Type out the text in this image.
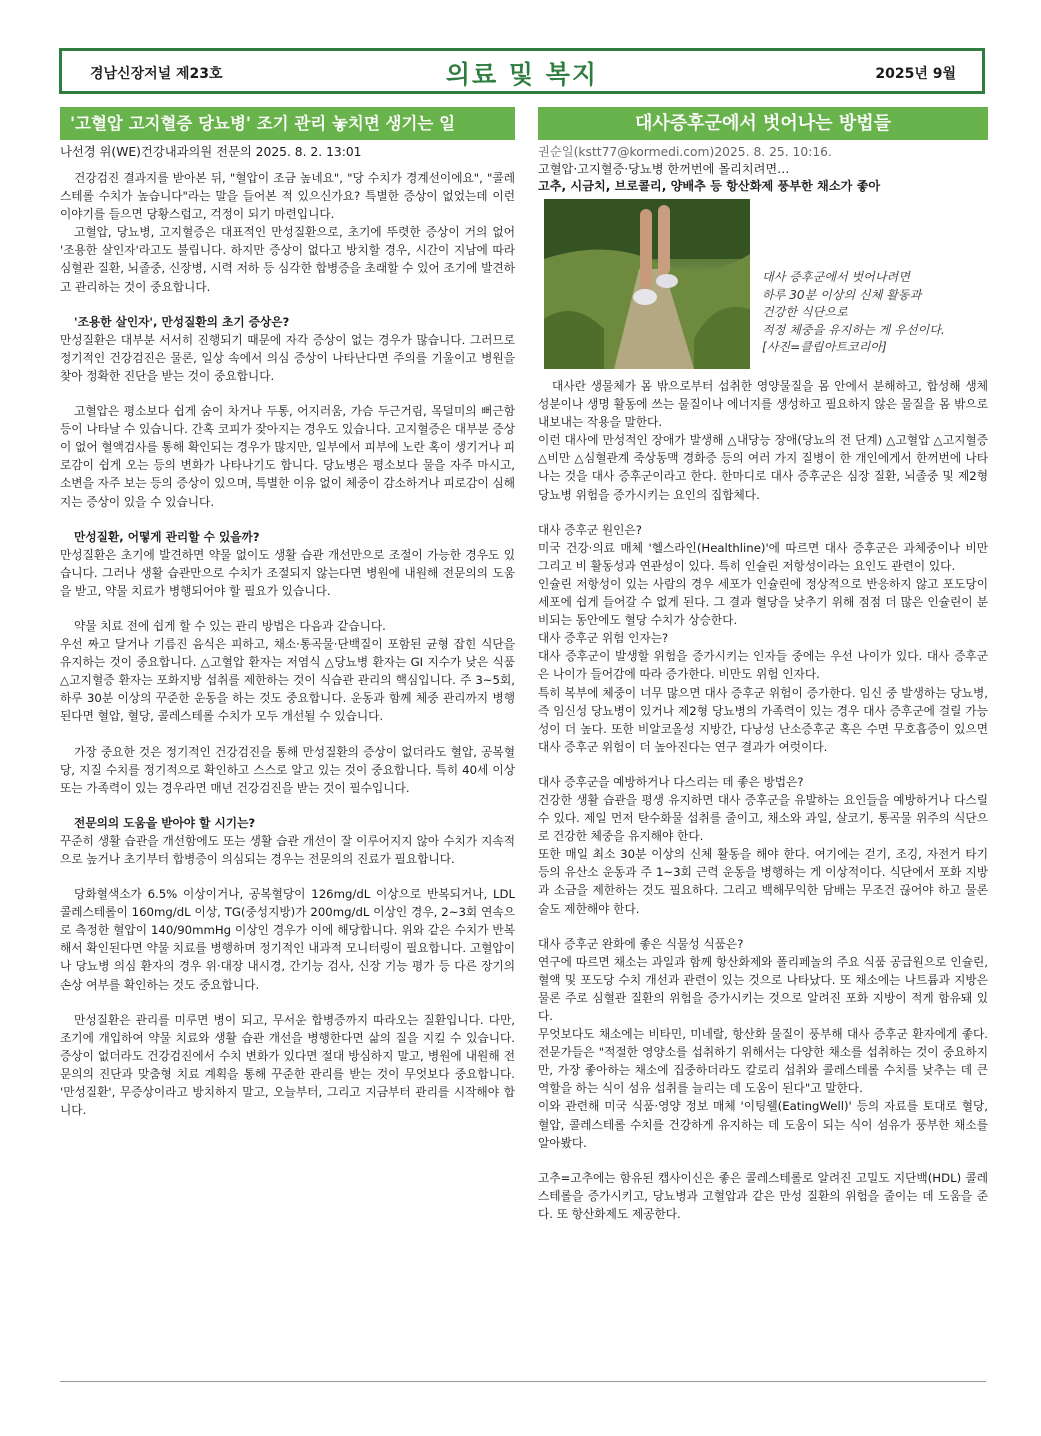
경남신장저널 제23호	의료 및 복지	2025년 9월
'고혈압 고지혈증 당뇨병' 조기 관리 놓치면 생기는 일
나선경 위(WE)건강내과의원 전문의 2025. 8. 2. 13:01

건강검진 결과지를 받아본 뒤, "혈압이 조금 높네요", "당 수치가 경계선이에요", "콜레스테롤 수치가 높습니다"라는 말을 들어본 적 있으신가요? 특별한 증상이 없었는데 이런 이야기를 들으면 당황스럽고, 걱정이 되기 마련입니다.

고혈압, 당뇨병, 고지혈증은 대표적인 만성질환으로, 초기에 뚜렷한 증상이 거의 없어 '조용한 살인자'라고도 불립니다. 하지만 증상이 없다고 방치할 경우, 시간이 지남에 따라 심혈관 질환, 뇌졸중, 신장병, 시력 저하 등 심각한 합병증을 초래할 수 있어 조기에 발견하고 관리하는 것이 중요합니다.

'조용한 살인자', 만성질환의 초기 증상은?

만성질환은 대부분 서서히 진행되기 때문에 자각 증상이 없는 경우가 많습니다. 그러므로 정기적인 건강검진은 물론, 일상 속에서 의심 증상이 나타난다면 주의를 기울이고 병원을 찾아 정확한 진단을 받는 것이 중요합니다.

고혈압은 평소보다 쉽게 숨이 차거나 두통, 어지러움, 가슴 두근거림, 목덜미의 뻐근함 등이 나타날 수 있습니다. 간혹 코피가 잦아지는 경우도 있습니다. 고지혈증은 대부분 증상이 없어 혈액검사를 통해 확인되는 경우가 많지만, 일부에서 피부에 노란 혹이 생기거나 피로감이 쉽게 오는 등의 변화가 나타나기도 합니다. 당뇨병은 평소보다 물을 자주 마시고, 소변을 자주 보는 등의 증상이 있으며, 특별한 이유 없이 체중이 감소하거나 피로감이 심해지는 증상이 있을 수 있습니다.

만성질환, 어떻게 관리할 수 있을까?

만성질환은 초기에 발견하면 약물 없이도 생활 습관 개선만으로 조절이 가능한 경우도 있습니다. 그러나 생활 습관만으로 수치가 조절되지 않는다면 병원에 내원해 전문의의 도움을 받고, 약물 치료가 병행되어야 할 필요가 있습니다.

약물 치료 전에 쉽게 할 수 있는 관리 방법은 다음과 같습니다.

우선 짜고 달거나 기름진 음식은 피하고, 채소·통곡물·단백질이 포함된 균형 잡힌 식단을 유지하는 것이 중요합니다. △고혈압 환자는 저염식 △당뇨병 환자는 GI 지수가 낮은 식품 △고지혈증 환자는 포화지방 섭취를 제한하는 것이 식습관 관리의 핵심입니다. 주 3~5회, 하루 30분 이상의 꾸준한 운동을 하는 것도 중요합니다. 운동과 함께 체중 관리까지 병행된다면 혈압, 혈당, 콜레스테롤 수치가 모두 개선될 수 있습니다.

가장 중요한 것은 정기적인 건강검진을 통해 만성질환의 증상이 없더라도 혈압, 공복혈당, 지질 수치를 정기적으로 확인하고 스스로 알고 있는 것이 중요합니다. 특히 40세 이상 또는 가족력이 있는 경우라면 매년 건강검진을 받는 것이 필수입니다.

전문의의 도움을 받아야 할 시기는?

꾸준히 생활 습관을 개선함에도 또는 생활 습관 개선이 잘 이루어지지 않아 수치가 지속적으로 높거나 초기부터 합병증이 의심되는 경우는 전문의의 진료가 필요합니다.

당화혈색소가 6.5% 이상이거나, 공복혈당이 126mg/dL 이상으로 반복되거나, LDL 콜레스테롤이 160mg/dL 이상, TG(중성지방)가 200mg/dL 이상인 경우, 2~3회 연속으로 측정한 혈압이 140/90mmHg 이상인 경우가 이에 해당합니다. 위와 같은 수치가 반복해서 확인된다면 약물 치료를 병행하며 정기적인 내과적 모니터링이 필요합니다. 고혈압이나 당뇨병 의심 환자의 경우 위·대장 내시경, 간기능 검사, 신장 기능 평가 등 다른 장기의 손상 여부를 확인하는 것도 중요합니다.

만성질환은 관리를 미루면 병이 되고, 무서운 합병증까지 따라오는 질환입니다. 다만, 조기에 개입하여 약물 치료와 생활 습관 개선을 병행한다면 삶의 질을 지킬 수 있습니다. 증상이 없더라도 건강검진에서 수치 변화가 있다면 절대 방심하지 말고, 병원에 내원해 전문의의 진단과 맞춤형 치료 계획을 통해 꾸준한 관리를 받는 것이 무엇보다 중요합니다. '만성질환', 무증상이라고 방치하지 말고, 오늘부터, 그리고 지금부터 관리를 시작해야 합니다.

대사증후군에서 벗어나는 방법들
권순일(kstt77@kormedi.com)2025. 8. 25. 10:16.
고혈압·고지혈증·당뇨병 한꺼번에 몰리치려면…
고추, 시금치, 브로콜리, 양배추 등 항산화제 풍부한 채소가 좋아
대사 증후군에서 벗어나려면
하루 30분 이상의 신체 활동과
건강한 식단으로
적정 체중을 유지하는 게 우선이다.
[사진=클립아트코리아]

대사란 생물체가 몸 밖으로부터 섭취한 영양물질을 몸 안에서 분해하고, 합성해 생체 성분이나 생명 활동에 쓰는 물질이나 에너지를 생성하고 필요하지 않은 물질을 몸 밖으로 내보내는 작용을 말한다.

이런 대사에 만성적인 장애가 발생해 △내당능 장애(당뇨의 전 단계) △고혈압 △고지혈증 △비만 △심혈관계 죽상동맥 경화증 등의 여러 가지 질병이 한 개인에게서 한꺼번에 나타나는 것을 대사 증후군이라고 한다. 한마디로 대사 증후군은 심장 질환, 뇌졸중 및 제2형 당뇨병 위험을 증가시키는 요인의 집합체다.

대사 증후군 원인은?

미국 건강·의료 매체 '헬스라인(Healthline)'에 따르면 대사 증후군은 과체중이나 비만 그리고 비 활동성과 연관성이 있다. 특히 인슐린 저항성이라는 요인도 관련이 있다.

인슐린 저항성이 있는 사람의 경우 세포가 인슐린에 정상적으로 반응하지 않고 포도당이 세포에 쉽게 들어갈 수 없게 된다. 그 결과 혈당을 낮추기 위해 점점 더 많은 인슐린이 분비되는 동안에도 혈당 수치가 상승한다.

대사 증후군 위험 인자는?

대사 증후군이 발생할 위험을 증가시키는 인자들 중에는 우선 나이가 있다. 대사 증후군은 나이가 들어감에 따라 증가한다. 비만도 위험 인자다.

특히 복부에 체중이 너무 많으면 대사 증후군 위험이 증가한다. 임신 중 발생하는 당뇨병, 즉 임신성 당뇨병이 있거나 제2형 당뇨병의 가족력이 있는 경우 대사 증후군에 걸릴 가능성이 더 높다. 또한 비알코올성 지방간, 다낭성 난소증후군 혹은 수면 무호흡증이 있으면 대사 증후군 위험이 더 높아진다는 연구 결과가 여럿이다.

대사 증후군을 예방하거나 다스리는 데 좋은 방법은?

건강한 생활 습관을 평생 유지하면 대사 증후군을 유발하는 요인들을 예방하거나 다스릴 수 있다. 제일 먼저 탄수화물 섭취를 줄이고, 채소와 과일, 살코기, 통곡물 위주의 식단으로 건강한 체중을 유지해야 한다.

또한 매일 최소 30분 이상의 신체 활동을 해야 한다. 여기에는 걷기, 조깅, 자전거 타기 등의 유산소 운동과 주 1~3회 근력 운동을 병행하는 게 이상적이다. 식단에서 포화 지방과 소금을 제한하는 것도 필요하다. 그리고 백해무익한 담배는 무조건 끊어야 하고 물론 술도 제한해야 한다.

대사 증후군 완화에 좋은 식물성 식품은?

연구에 따르면 채소는 과일과 함께 항산화제와 폴리페놀의 주요 식품 공급원으로 인슐린, 혈액 및 포도당 수치 개선과 관련이 있는 것으로 나타났다. 또 채소에는 나트륨과 지방은 물론 주로 심혈관 질환의 위험을 증가시키는 것으로 알려진 포화 지방이 적게 함유돼 있다.

무엇보다도 채소에는 비타민, 미네랄, 항산화 물질이 풍부해 대사 증후군 환자에게 좋다. 전문가들은 "적절한 영양소를 섭취하기 위해서는 다양한 채소를 섭취하는 것이 중요하지만, 가장 좋아하는 채소에 집중하더라도 칼로리 섭취와 콜레스테롤 수치를 낮추는 데 큰 역할을 하는 식이 섬유 섭취를 늘리는 데 도움이 된다"고 말한다.

이와 관련해 미국 식품·영양 정보 매체 '이팅웰(EatingWell)' 등의 자료를 토대로 혈당, 혈압, 콜레스테롤 수치를 건강하게 유지하는 데 도움이 되는 식이 섬유가 풍부한 채소를 알아봤다.

고추=고추에는 함유된 캡사이신은 좋은 콜레스테롤로 알려진 고밀도 지단백(HDL) 콜레스테롤을 증가시키고, 당뇨병과 고혈압과 같은 만성 질환의 위험을 줄이는 데 도움을 준다. 또 항산화제도 제공한다.
